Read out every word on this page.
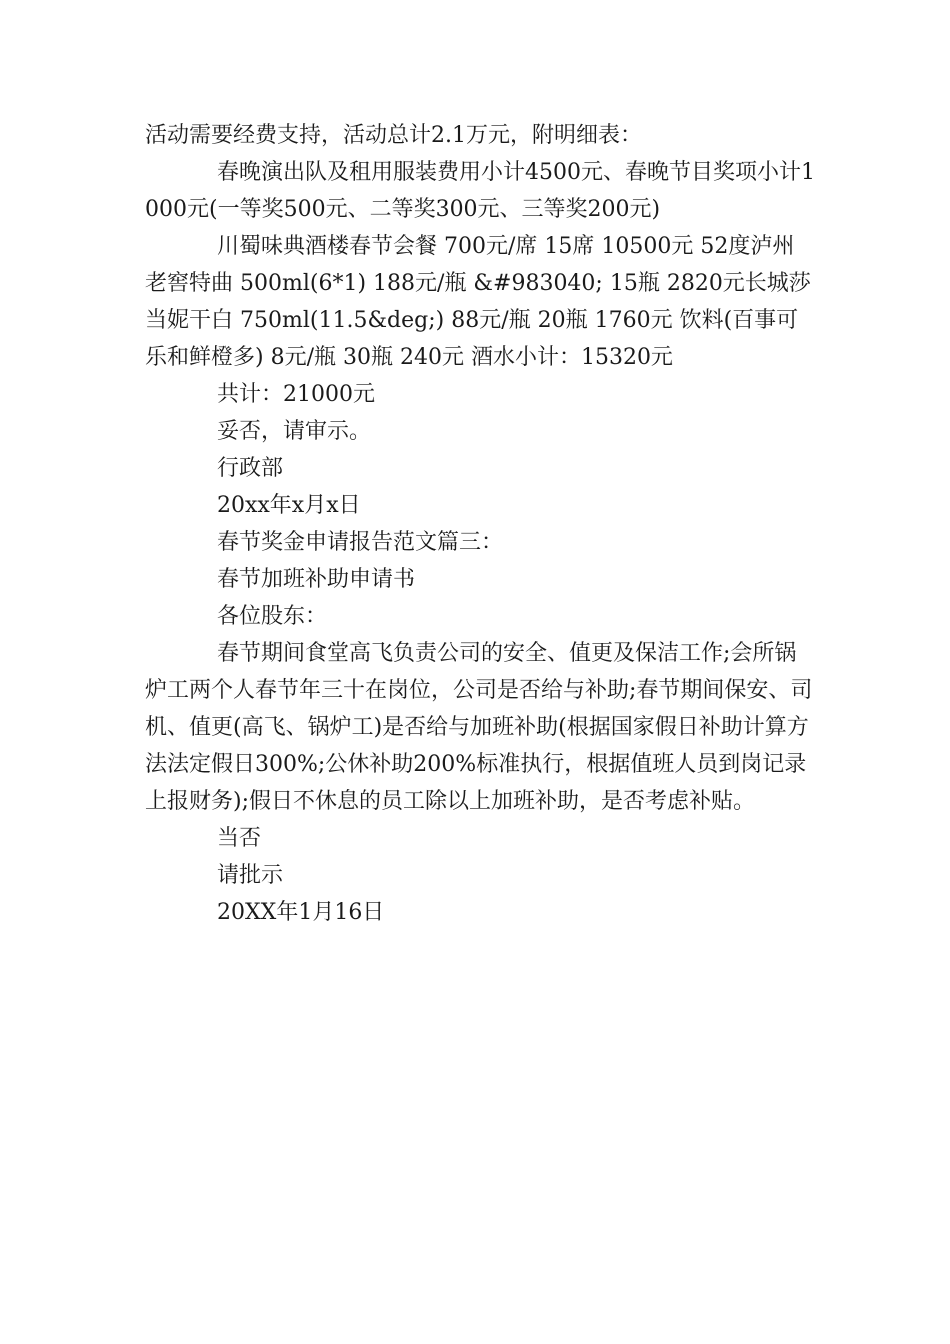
活动需要经费支持，活动总计2.1万元，附明细表：

春晚演出队及租用服装费用小计4500元、春晚节目奖项小计1000元(一等奖500元、二等奖300元、三等奖200元)

川蜀味典酒楼春节会餐 700元/席 15席 10500元 52度泸州老窖特曲 500ml(6*1) 188元/瓶 &#983040; 15瓶 2820元长城莎当妮干白 750ml(11.5&deg;) 88元/瓶 20瓶 1760元 饮料(百事可乐和鲜橙多) 8元/瓶 30瓶 240元 酒水小计：15320元

共计：21000元

妥否，请审示。

行政部

20xx年x月x日

春节奖金申请报告范文篇三：

春节加班补助申请书

各位股东：

春节期间食堂高飞负责公司的安全、值更及保洁工作;会所锅炉工两个人春节年三十在岗位，公司是否给与补助;春节期间保安、司机、值更(高飞、锅炉工)是否给与加班补助(根据国家假日补助计算方法法定假日300%;公休补助200%标准执行，根据值班人员到岗记录上报财务);假日不休息的员工除以上加班补助，是否考虑补贴。

当否

请批示

20XX年1月16日
